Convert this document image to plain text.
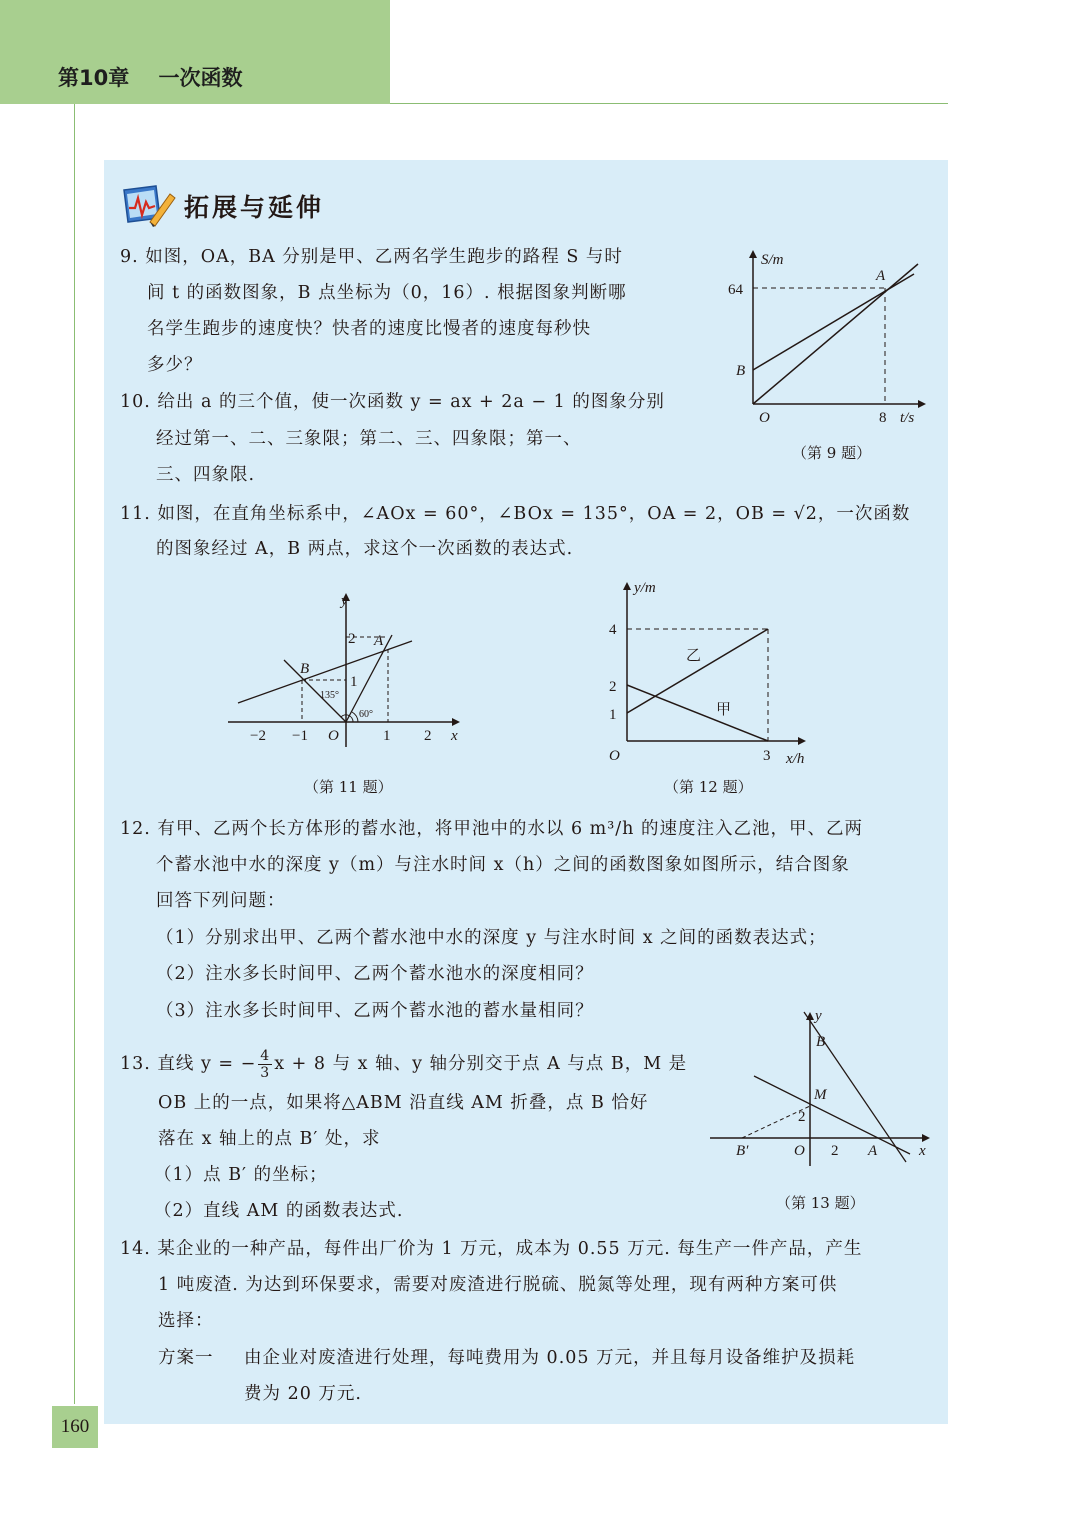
第10章    一次函数
160
拓展与延伸
9. 如图，OA，BA 分别是甲、乙两名学生跑步的路程 S 与时
间 t 的函数图象，B 点坐标为（0，16）. 根据图象判断哪
名学生跑步的速度快？快者的速度比慢者的速度每秒快
多少？
S/m
64
A
B
O	8 t/s
（第 9 题）
10. 给出 a 的三个值，使一次函数 y = ax + 2a − 1 的图象分别
经过第一、二、三象限；第二、三、四象限；第一、
三、四象限.
11. 如图，在直角坐标系中，∠AOx = 60°，∠BOx = 135°，OA = 2，OB = √2，一次函数
的图象经过 A，B 两点，求这个一次函数的表达式.
y
2
1
A
B
135°
60°
−2 −1 O	1 2 x
（第 11 题）
y/m
4
2
1
乙
甲
O	3 x/h
（第 12 题）
12. 有甲、乙两个长方体形的蓄水池，将甲池中的水以 6 m³/h 的速度注入乙池，甲、乙两
个蓄水池中水的深度 y（m）与注水时间 x（h）之间的函数图象如图所示，结合图象
回答下列问题：
（1）分别求出甲、乙两个蓄水池中水的深度 y 与注水时间 x 之间的函数表达式；
（2）注水多长时间甲、乙两个蓄水池水的深度相同？
（3）注水多长时间甲、乙两个蓄水池的蓄水量相同？
13. 直线 y = − $\frac{4}{3}$ x + 8 与 x 轴、y 轴分别交于点 A 与点 B，M 是
OB 上的一点，如果将△ABM 沿直线 AM 折叠，点 B 恰好
落在 x 轴上的点 B′ 处，求
（1）点 B′ 的坐标；
（2）直线 AM 的函数表达式.
y
B
M
2
B′	O 2 A	x
（第 13 题）
14. 某企业的一种产品，每件出厂价为 1 万元，成本为 0.55 万元. 每生产一件产品，产生
1 吨废渣. 为达到环保要求，需要对废渣进行脱硫、脱氮等处理，现有两种方案可供
选择：
方案一 由企业对废渣进行处理，每吨费用为 0.05 万元，并且每月设备维护及损耗
费为 20 万元.
